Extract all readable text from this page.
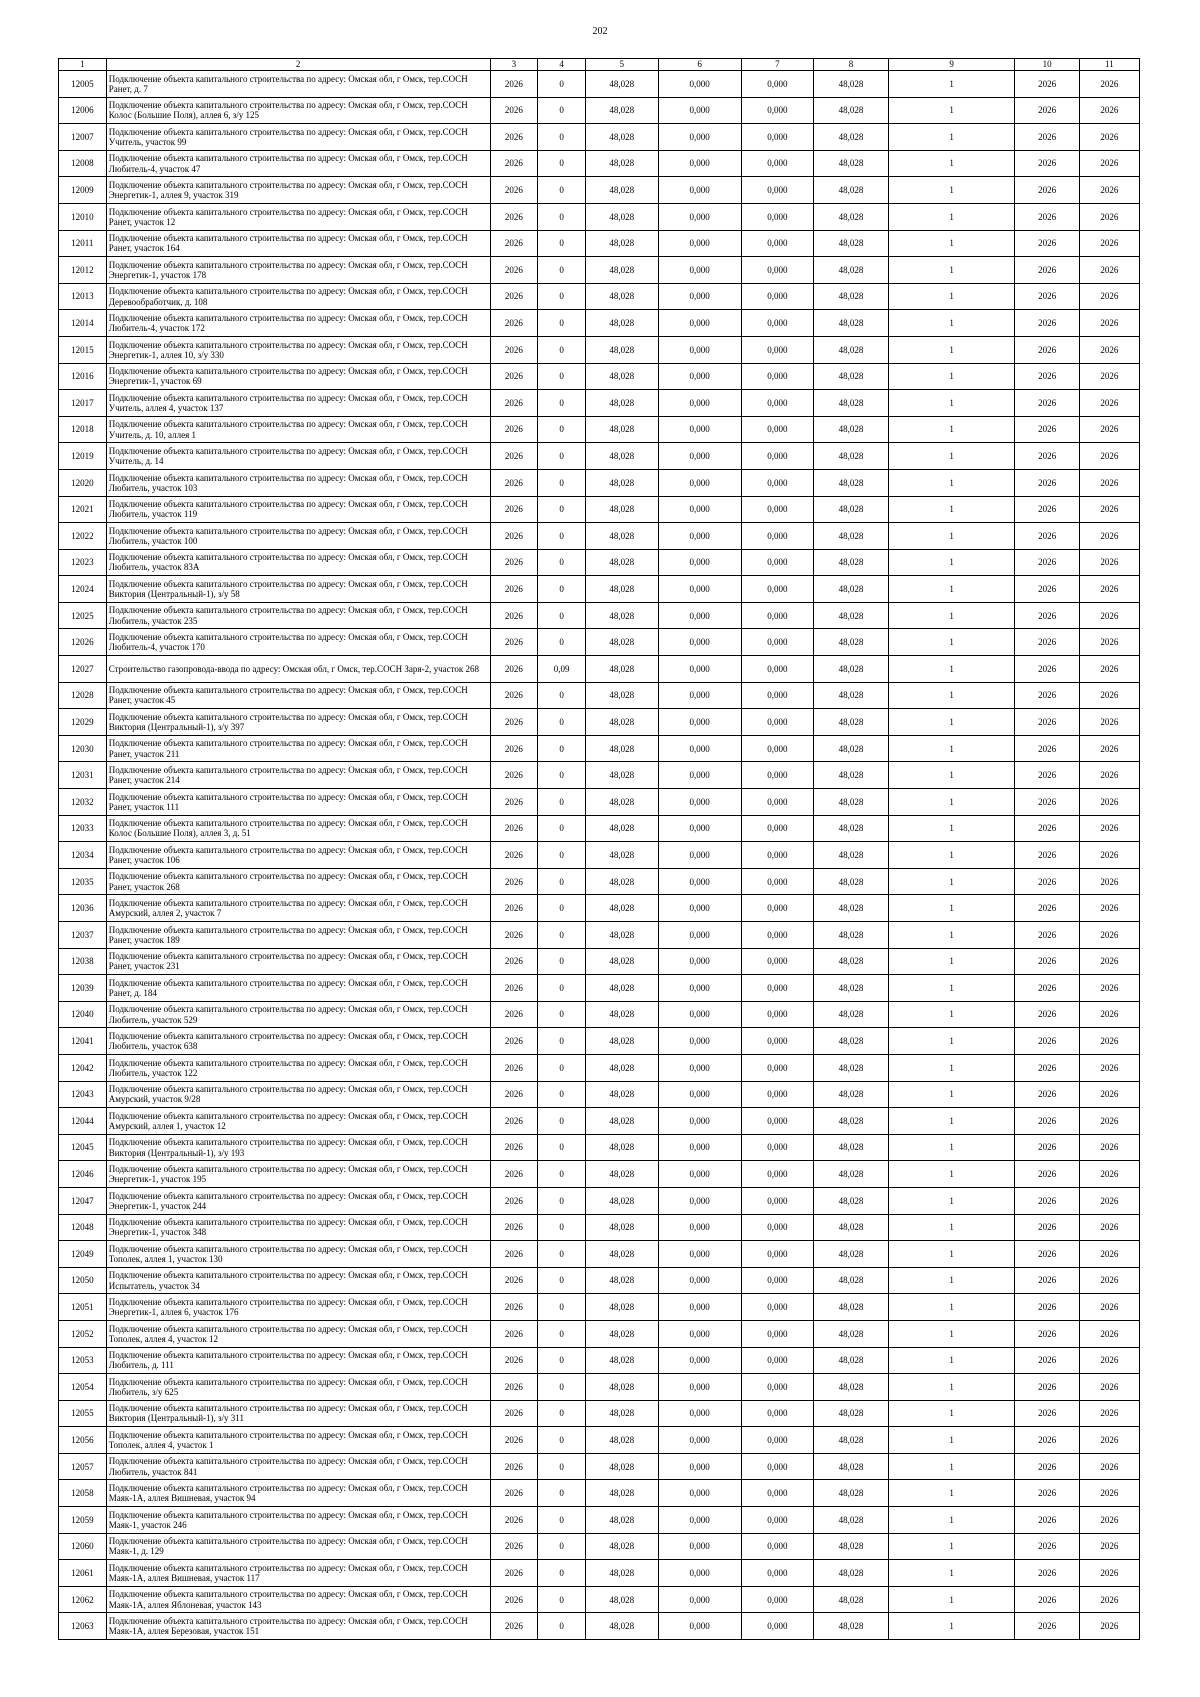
202
1	2	3	4	5	6	7	8	9	10	11
12005	Подключение объекта капитального строительства по адресу: Омская обл, г Омск, тер.СОСН Ранет, д. 7	2026	0	48,028	0,000	0,000	48,028	1	2026	2026
12006	Подключение объекта капитального строительства по адресу: Омская обл, г Омск, тер.СОСН Колос (Большие Поля), аллея 6, з/у 125	2026	0	48,028	0,000	0,000	48,028	1	2026	2026
12007	Подключение объекта капитального строительства по адресу: Омская обл, г Омск, тер.СОСН Учитель, участок 99	2026	0	48,028	0,000	0,000	48,028	1	2026	2026
12008	Подключение объекта капитального строительства по адресу: Омская обл, г Омск, тер.СОСН Любитель-4, участок 47	2026	0	48,028	0,000	0,000	48,028	1	2026	2026
12009	Подключение объекта капитального строительства по адресу: Омская обл, г Омск, тер.СОСН Энергетик-1, аллея 9, участок 319	2026	0	48,028	0,000	0,000	48,028	1	2026	2026
12010	Подключение объекта капитального строительства по адресу: Омская обл, г Омск, тер.СОСН Ранет, участок 12	2026	0	48,028	0,000	0,000	48,028	1	2026	2026
12011	Подключение объекта капитального строительства по адресу: Омская обл, г Омск, тер.СОСН Ранет, участок 164	2026	0	48,028	0,000	0,000	48,028	1	2026	2026
12012	Подключение объекта капитального строительства по адресу: Омская обл, г Омск, тер.СОСН Энергетик-1, участок 178	2026	0	48,028	0,000	0,000	48,028	1	2026	2026
12013	Подключение объекта капитального строительства по адресу: Омская обл, г Омск, тер.СОСН Деревообработчик, д. 108	2026	0	48,028	0,000	0,000	48,028	1	2026	2026
12014	Подключение объекта капитального строительства по адресу: Омская обл, г Омск, тер.СОСН Любитель-4, участок 172	2026	0	48,028	0,000	0,000	48,028	1	2026	2026
12015	Подключение объекта капитального строительства по адресу: Омская обл, г Омск, тер.СОСН Энергетик-1, аллея 10, з/у 330	2026	0	48,028	0,000	0,000	48,028	1	2026	2026
12016	Подключение объекта капитального строительства по адресу: Омская обл, г Омск, тер.СОСН Энергетик-1, участок 69	2026	0	48,028	0,000	0,000	48,028	1	2026	2026
12017	Подключение объекта капитального строительства по адресу: Омская обл, г Омск, тер.СОСН Учитель, аллея 4, участок 137	2026	0	48,028	0,000	0,000	48,028	1	2026	2026
12018	Подключение объекта капитального строительства по адресу: Омская обл, г Омск, тер.СОСН Учитель, д. 10, аллея 1	2026	0	48,028	0,000	0,000	48,028	1	2026	2026
12019	Подключение объекта капитального строительства по адресу: Омская обл, г Омск, тер.СОСН Учитель, д. 14	2026	0	48,028	0,000	0,000	48,028	1	2026	2026
12020	Подключение объекта капитального строительства по адресу: Омская обл, г Омск, тер.СОСН Любитель, участок 103	2026	0	48,028	0,000	0,000	48,028	1	2026	2026
12021	Подключение объекта капитального строительства по адресу: Омская обл, г Омск, тер.СОСН Любитель, участок 119	2026	0	48,028	0,000	0,000	48,028	1	2026	2026
12022	Подключение объекта капитального строительства по адресу: Омская обл, г Омск, тер.СОСН Любитель, участок 100	2026	0	48,028	0,000	0,000	48,028	1	2026	2026
12023	Подключение объекта капитального строительства по адресу: Омская обл, г Омск, тер.СОСН Любитель, участок 83А	2026	0	48,028	0,000	0,000	48,028	1	2026	2026
12024	Подключение объекта капитального строительства по адресу: Омская обл, г Омск, тер.СОСН Виктория (Центральный-1), з/у 58	2026	0	48,028	0,000	0,000	48,028	1	2026	2026
12025	Подключение объекта капитального строительства по адресу: Омская обл, г Омск, тер.СОСН Любитель, участок 235	2026	0	48,028	0,000	0,000	48,028	1	2026	2026
12026	Подключение объекта капитального строительства по адресу: Омская обл, г Омск, тер.СОСН Любитель-4, участок 170	2026	0	48,028	0,000	0,000	48,028	1	2026	2026
12027	Строительство газопровода-ввода по адресу: Омская обл, г Омск, тер.СОСН Заря-2, участок 268	2026	0,09	48,028	0,000	0,000	48,028	1	2026	2026
12028	Подключение объекта капитального строительства по адресу: Омская обл, г Омск, тер.СОСН Ранет, участок 45	2026	0	48,028	0,000	0,000	48,028	1	2026	2026
12029	Подключение объекта капитального строительства по адресу: Омская обл, г Омск, тер.СОСН Виктория (Центральный-1), з/у 397	2026	0	48,028	0,000	0,000	48,028	1	2026	2026
12030	Подключение объекта капитального строительства по адресу: Омская обл, г Омск, тер.СОСН Ранет, участок 211	2026	0	48,028	0,000	0,000	48,028	1	2026	2026
12031	Подключение объекта капитального строительства по адресу: Омская обл, г Омск, тер.СОСН Ранет, участок 214	2026	0	48,028	0,000	0,000	48,028	1	2026	2026
12032	Подключение объекта капитального строительства по адресу: Омская обл, г Омск, тер.СОСН Ранет, участок 111	2026	0	48,028	0,000	0,000	48,028	1	2026	2026
12033	Подключение объекта капитального строительства по адресу: Омская обл, г Омск, тер.СОСН Колос (Большие Поля), аллея 3, д. 51	2026	0	48,028	0,000	0,000	48,028	1	2026	2026
12034	Подключение объекта капитального строительства по адресу: Омская обл, г Омск, тер.СОСН Ранет, участок 106	2026	0	48,028	0,000	0,000	48,028	1	2026	2026
12035	Подключение объекта капитального строительства по адресу: Омская обл, г Омск, тер.СОСН Ранет, участок 268	2026	0	48,028	0,000	0,000	48,028	1	2026	2026
12036	Подключение объекта капитального строительства по адресу: Омская обл, г Омск, тер.СОСН Амурский, аллея 2, участок 7	2026	0	48,028	0,000	0,000	48,028	1	2026	2026
12037	Подключение объекта капитального строительства по адресу: Омская обл, г Омск, тер.СОСН Ранет, участок 189	2026	0	48,028	0,000	0,000	48,028	1	2026	2026
12038	Подключение объекта капитального строительства по адресу: Омская обл, г Омск, тер.СОСН Ранет, участок 231	2026	0	48,028	0,000	0,000	48,028	1	2026	2026
12039	Подключение объекта капитального строительства по адресу: Омская обл, г Омск, тер.СОСН Ранет, д. 184	2026	0	48,028	0,000	0,000	48,028	1	2026	2026
12040	Подключение объекта капитального строительства по адресу: Омская обл, г Омск, тер.СОСН Любитель, участок 529	2026	0	48,028	0,000	0,000	48,028	1	2026	2026
12041	Подключение объекта капитального строительства по адресу: Омская обл, г Омск, тер.СОСН Любитель, участок 638	2026	0	48,028	0,000	0,000	48,028	1	2026	2026
12042	Подключение объекта капитального строительства по адресу: Омская обл, г Омск, тер.СОСН Любитель, участок 122	2026	0	48,028	0,000	0,000	48,028	1	2026	2026
12043	Подключение объекта капитального строительства по адресу: Омская обл, г Омск, тер.СОСН Амурский, участок 9/28	2026	0	48,028	0,000	0,000	48,028	1	2026	2026
12044	Подключение объекта капитального строительства по адресу: Омская обл, г Омск, тер.СОСН Амурский, аллея 1, участок 12	2026	0	48,028	0,000	0,000	48,028	1	2026	2026
12045	Подключение объекта капитального строительства по адресу: Омская обл, г Омск, тер.СОСН Виктория (Центральный-1), з/у 193	2026	0	48,028	0,000	0,000	48,028	1	2026	2026
12046	Подключение объекта капитального строительства по адресу: Омская обл, г Омск, тер.СОСН Энергетик-1, участок 195	2026	0	48,028	0,000	0,000	48,028	1	2026	2026
12047	Подключение объекта капитального строительства по адресу: Омская обл, г Омск, тер.СОСН Энергетик-1, участок 244	2026	0	48,028	0,000	0,000	48,028	1	2026	2026
12048	Подключение объекта капитального строительства по адресу: Омская обл, г Омск, тер.СОСН Энергетик-1, участок 348	2026	0	48,028	0,000	0,000	48,028	1	2026	2026
12049	Подключение объекта капитального строительства по адресу: Омская обл, г Омск, тер.СОСН Тополек, аллея 1, участок 130	2026	0	48,028	0,000	0,000	48,028	1	2026	2026
12050	Подключение объекта капитального строительства по адресу: Омская обл, г Омск, тер.СОСН Испытатель, участок 34	2026	0	48,028	0,000	0,000	48,028	1	2026	2026
12051	Подключение объекта капитального строительства по адресу: Омская обл, г Омск, тер.СОСН Энергетик-1, аллея 6, участок 176	2026	0	48,028	0,000	0,000	48,028	1	2026	2026
12052	Подключение объекта капитального строительства по адресу: Омская обл, г Омск, тер.СОСН Тополек, аллея 4, участок 12	2026	0	48,028	0,000	0,000	48,028	1	2026	2026
12053	Подключение объекта капитального строительства по адресу: Омская обл, г Омск, тер.СОСН Любитель, д. 111	2026	0	48,028	0,000	0,000	48,028	1	2026	2026
12054	Подключение объекта капитального строительства по адресу: Омская обл, г Омск, тер.СОСН Любитель, з/у 625	2026	0	48,028	0,000	0,000	48,028	1	2026	2026
12055	Подключение объекта капитального строительства по адресу: Омская обл, г Омск, тер.СОСН Виктория (Центральный-1), з/у 311	2026	0	48,028	0,000	0,000	48,028	1	2026	2026
12056	Подключение объекта капитального строительства по адресу: Омская обл, г Омск, тер.СОСН Тополек, аллея 4, участок 1	2026	0	48,028	0,000	0,000	48,028	1	2026	2026
12057	Подключение объекта капитального строительства по адресу: Омская обл, г Омск, тер.СОСН Любитель, участок 841	2026	0	48,028	0,000	0,000	48,028	1	2026	2026
12058	Подключение объекта капитального строительства по адресу: Омская обл, г Омск, тер.СОСН Маяк-1А, аллея Вишневая, участок 94	2026	0	48,028	0,000	0,000	48,028	1	2026	2026
12059	Подключение объекта капитального строительства по адресу: Омская обл, г Омск, тер.СОСН Маяк-1, участок 246	2026	0	48,028	0,000	0,000	48,028	1	2026	2026
12060	Подключение объекта капитального строительства по адресу: Омская обл, г Омск, тер.СОСН Маяк-1, д. 129	2026	0	48,028	0,000	0,000	48,028	1	2026	2026
12061	Подключение объекта капитального строительства по адресу: Омская обл, г Омск, тер.СОСН Маяк-1А, аллея Вишневая, участок 117	2026	0	48,028	0,000	0,000	48,028	1	2026	2026
12062	Подключение объекта капитального строительства по адресу: Омская обл, г Омск, тер.СОСН Маяк-1А, аллея Яблоневая, участок 143	2026	0	48,028	0,000	0,000	48,028	1	2026	2026
12063	Подключение объекта капитального строительства по адресу: Омская обл, г Омск, тер.СОСН Маяк-1А, аллея Березовая, участок 151	2026	0	48,028	0,000	0,000	48,028	1	2026	2026
